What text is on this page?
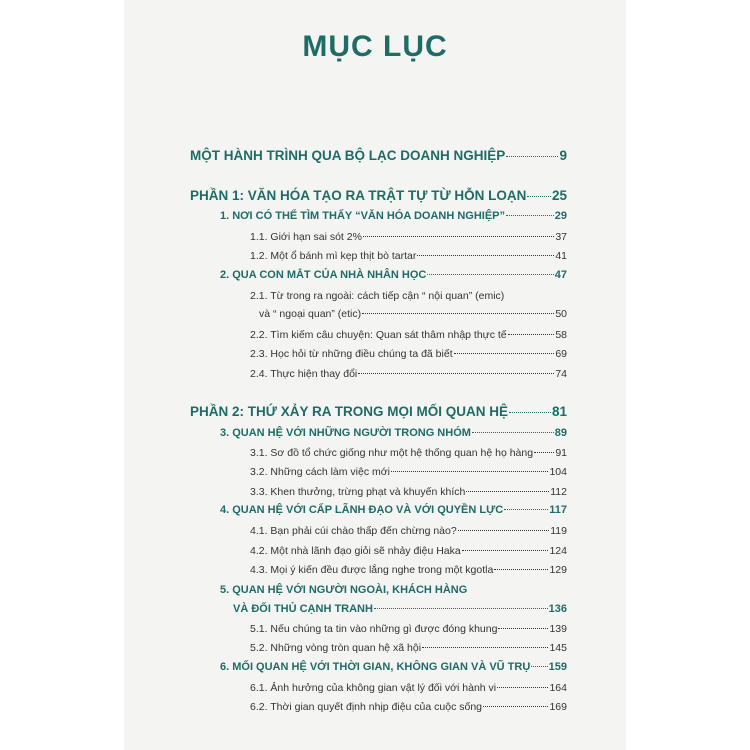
MỤC LỤC
MỘT HÀNH TRÌNH QUA BỘ LẠC DOANH NGHIỆP	9
PHẦN 1: VĂN HÓA TẠO RA TRẬT TỰ TỪ HỖN LOẠN 25
1. NƠI CÓ THỂ TÌM THẤY “VĂN HÓA DOANH NGHIỆP”	29
1.1. Giới hạn sai sót 2%	37
1.2. Một ổ bánh mì kẹp thịt bò tartar	41
2. QUA CON MẮT CỦA NHÀ NHÂN HỌC	47
2.1. Từ trong ra ngoài: cách tiếp cận “ nội quan” (emic)
và “ ngoại quan” (etic)	50
2.2. Tìm kiếm câu chuyện: Quan sát thâm nhập thực tế	58
2.3. Học hỏi từ những điều chúng ta đã biết	69
2.4. Thực hiện thay đổi	74
PHẦN 2: THỨ XẢY RA TRONG MỌI MỐI QUAN HỆ	81
3. QUAN HỆ VỚI NHỮNG NGƯỜI TRONG NHÓM	89
3.1. Sơ đồ tổ chức giống như một hệ thống quan hệ họ hàng 91
3.2. Những cách làm việc mới	104
3.3. Khen thưởng, trừng phạt và khuyến khích	112
4. QUAN HỆ VỚI CẤP LÃNH ĐẠO VÀ VỚI QUYỀN LỰC	117
4.1. Bạn phải cúi chào thấp đến chừng nào?	119
4.2. Một nhà lãnh đạo giỏi sẽ nhảy điệu Haka	124
4.3. Mọi ý kiến đều được lắng nghe trong một kgotla	129
5. QUAN HỆ VỚI NGƯỜI NGOÀI, KHÁCH HÀNG
VÀ ĐỐI THỦ CẠNH TRANH	136
5.1. Nếu chúng ta tin vào những gì được đóng khung	139
5.2. Những vòng tròn quan hệ xã hội	145
6. MỐI QUAN HỆ VỚI THỜI GIAN, KHÔNG GIAN VÀ VŨ TRỤ 159
6.1. Ảnh hưởng của không gian vật lý đối với hành vi	164
6.2. Thời gian quyết định nhịp điệu của cuộc sống	169
